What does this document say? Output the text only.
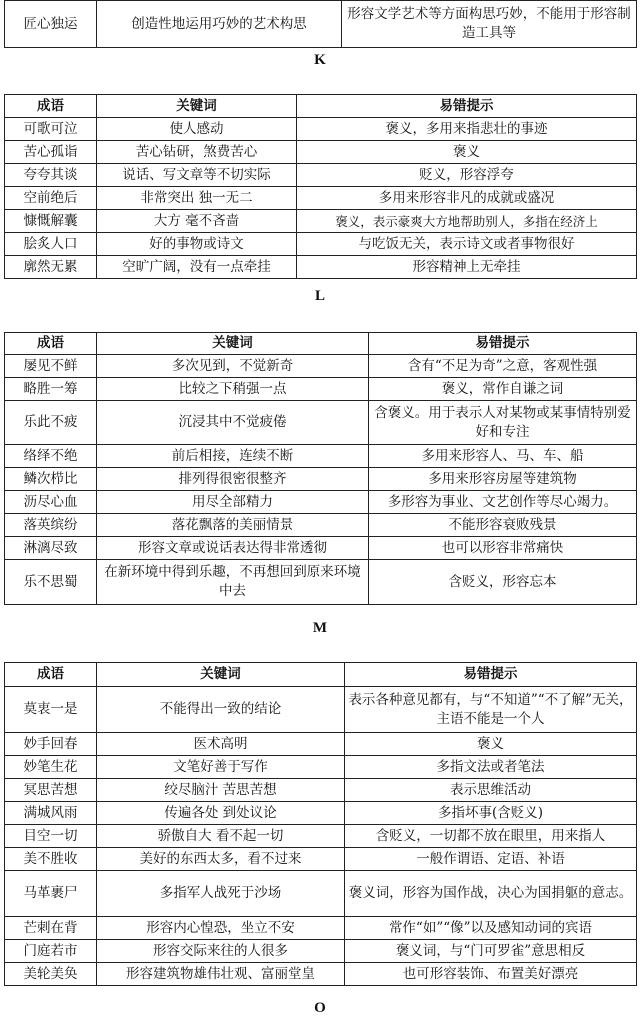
匠心独运	创造性地运用巧妙的艺术构思	形容文学艺术等方面构思巧妙，不能用于形容制造工具等
K
成语	关键词	易错提示
可歌可泣	使人感动	褒义，多用来指悲壮的事迹
苦心孤诣	苦心钻研，煞费苦心	褒义
夸夸其谈	说话、写文章等不切实际	贬义，形容浮夸
空前绝后	非常突出 独一无二	多用来形容非凡的成就或盛况
慷慨解囊	大方 毫不吝啬	褒义，表示豪爽大方地帮助别人，多指在经济上
脍炙人口	好的事物或诗文	与吃饭无关，表示诗文或者事物很好
廓然无累	空旷广阔，没有一点牵挂	形容精神上无牵挂
L
成语	关键词	易错提示
屡见不鲜	多次见到，不觉新奇	含有“不足为奇”之意，客观性强
略胜一筹	比较之下稍强一点	褒义，常作自谦之词
乐此不疲	沉浸其中不觉疲倦	含褒义。用于表示人对某物或某事情特别爱好和专注
络绎不绝	前后相接，连续不断	多用来形容人、马、车、船
鳞次栉比	排列得很密很整齐	多用来形容房屋等建筑物
沥尽心血	用尽全部精力	多形容为事业、文艺创作等尽心竭力。
落英缤纷	落花飘落的美丽情景	不能形容衰败残景
淋漓尽致	形容文章或说话表达得非常透彻	也可以形容非常痛快
乐不思蜀	在新环境中得到乐趣，不再想回到原来环境中去	含贬义，形容忘本
M
成语	关键词	易错提示
莫衷一是	不能得出一致的结论	表示各种意见都有，与“不知道”“不了解”无关，主语不能是一个人
妙手回春	医术高明	褒义
妙笔生花	文笔好善于写作	多指文法或者笔法
冥思苦想	绞尽脑汁 苦思苦想	表示思维活动
满城风雨	传遍各处 到处议论	多指坏事(含贬义)
目空一切	骄傲自大 看不起一切	含贬义，一切都不放在眼里，用来指人
美不胜收	美好的东西太多，看不过来	一般作谓语、定语、补语
马革裹尸	多指军人战死于沙场	褒义词，形容为国作战，决心为国捐躯的意志。
芒刺在背	形容内心惶恐，坐立不安	常作“如”“像”以及感知动词的宾语
门庭若市	形容交际来往的人很多	褒义词，与“门可罗雀”意思相反
美轮美奂	形容建筑物雄伟壮观、富丽堂皇	也可形容装饰、布置美好漂亮
O
